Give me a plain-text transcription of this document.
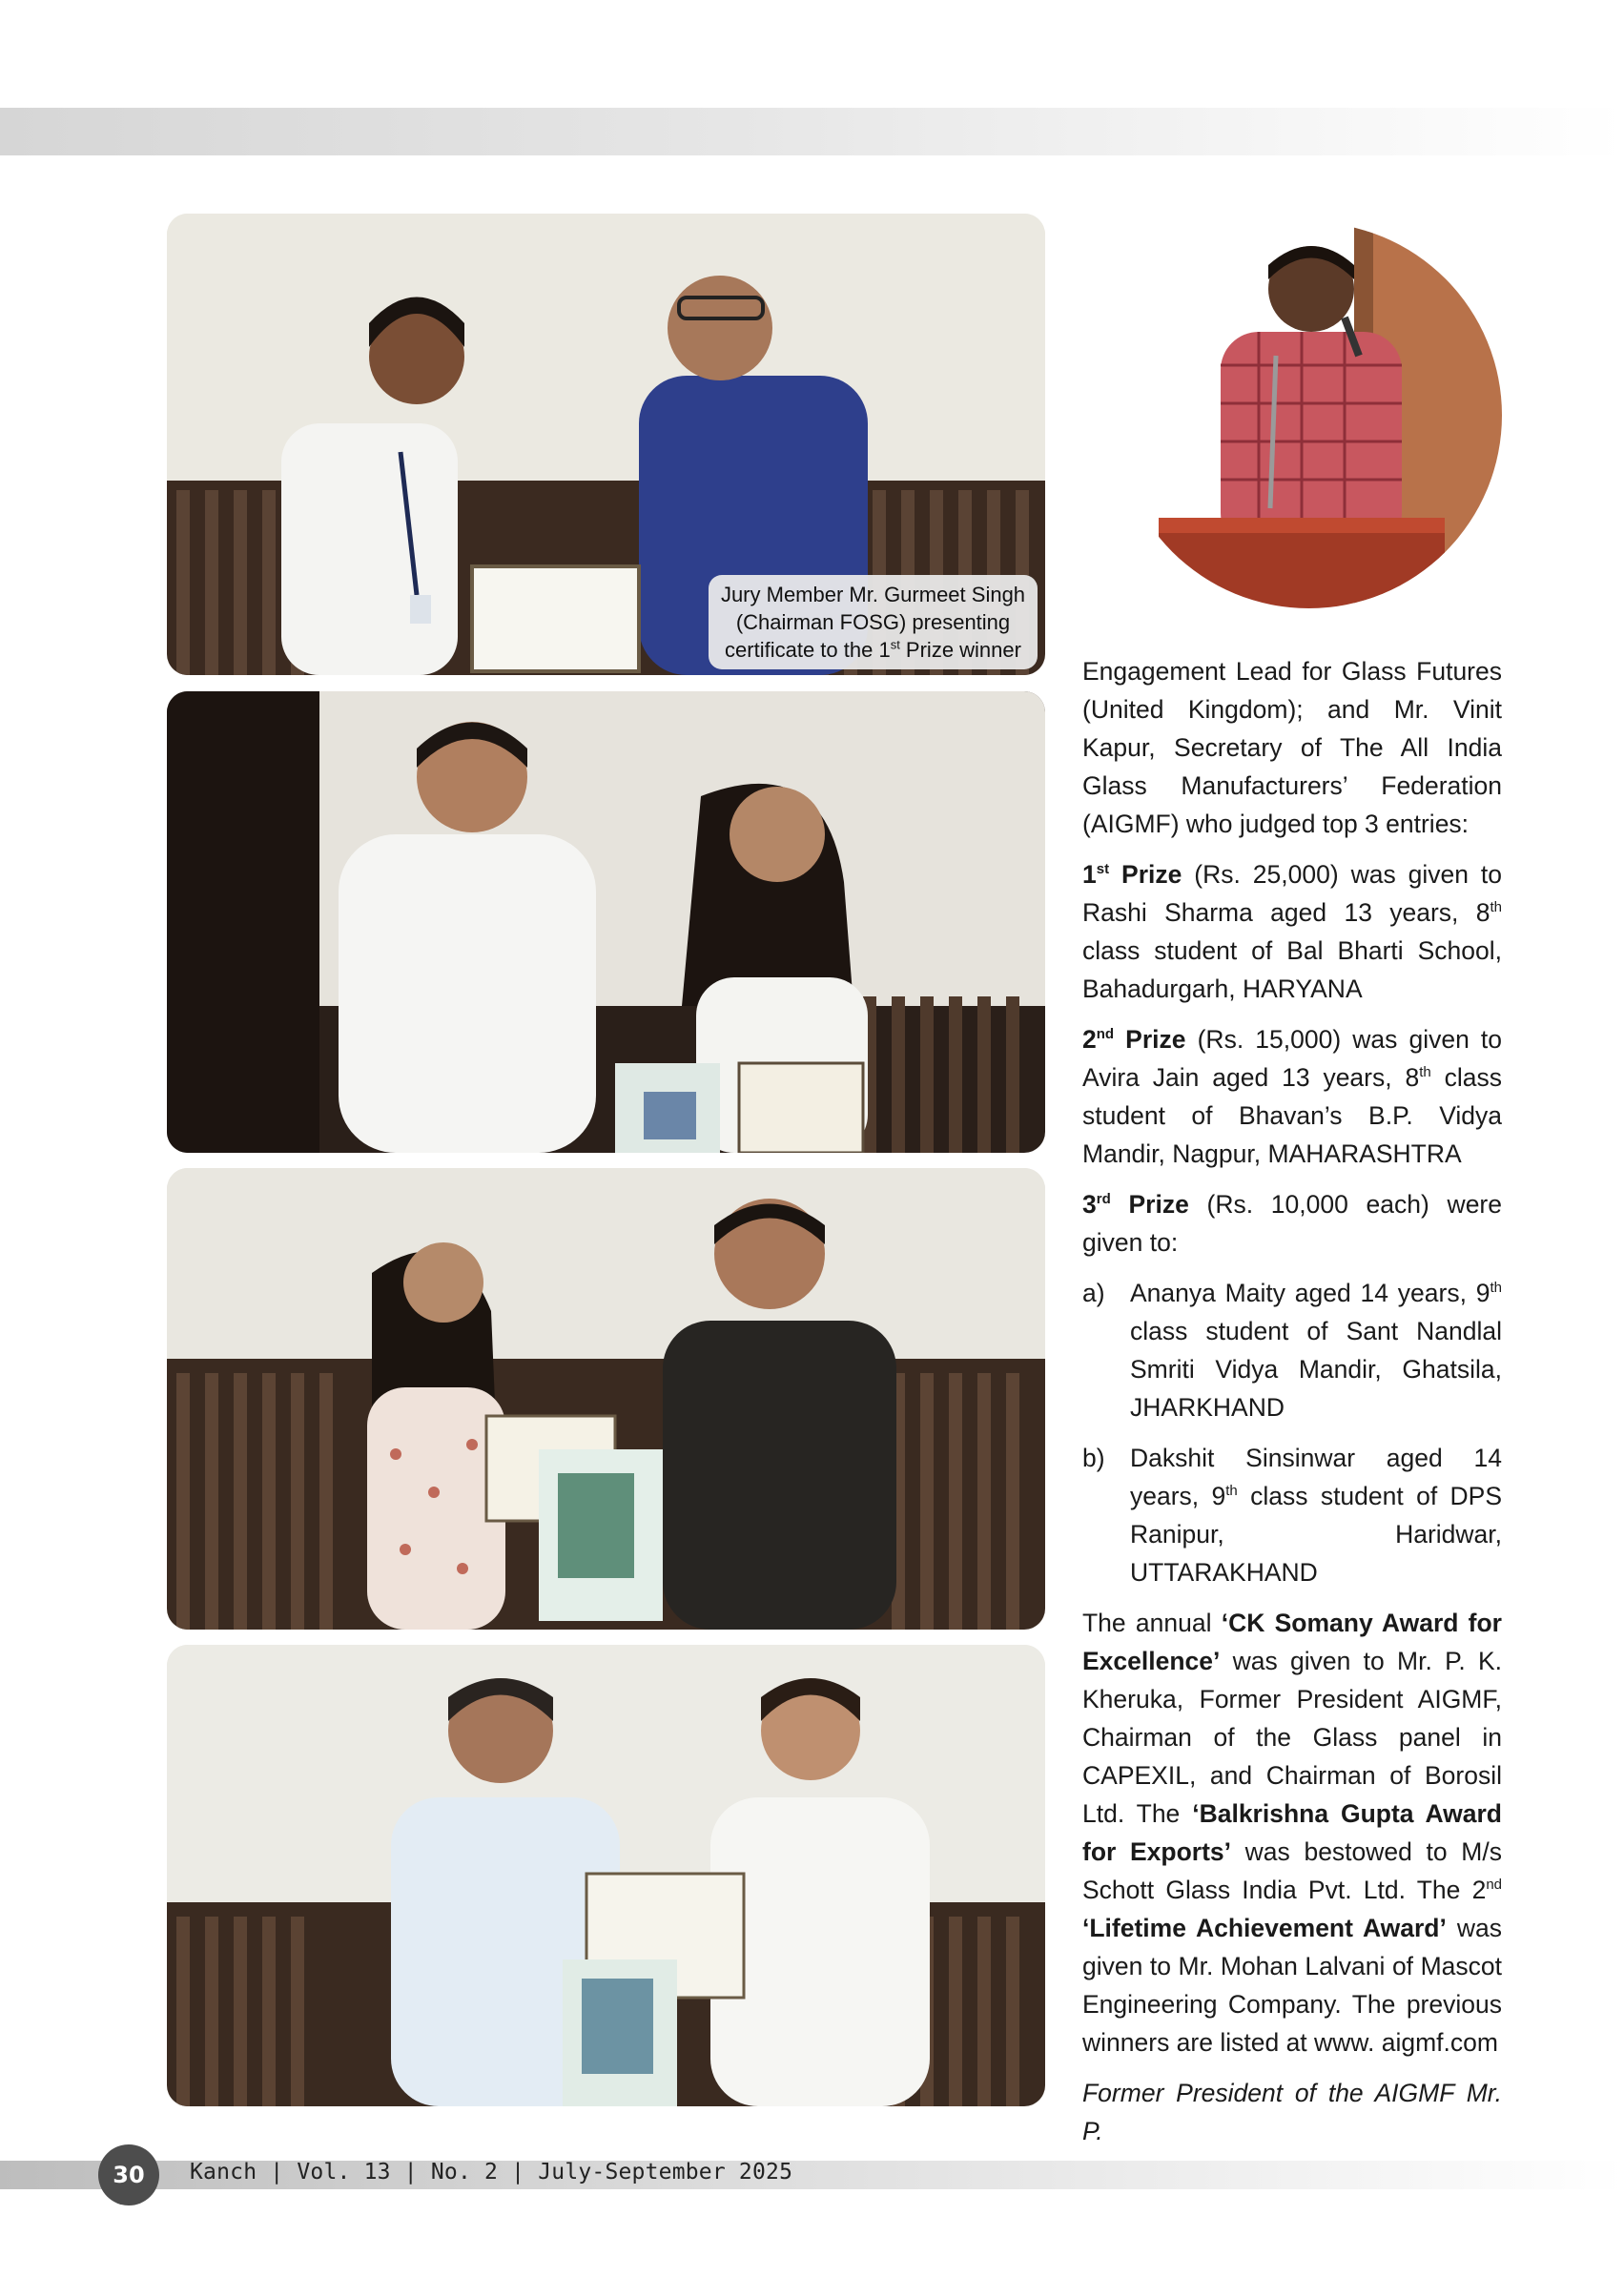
Jury Member Mr. Gurmeet Singh
(Chairman FOSG) presenting
certificate to the 1st Prize winner

Engagement Lead for Glass Futures (United Kingdom); and Mr. Vinit Kapur, Secretary of The All India Glass Manufacturers’ Federation (AIGMF) who judged top 3 entries:

1st Prize (Rs. 25,000) was given to Rashi Sharma aged 13 years, 8th class student of Bal Bharti School, Bahadurgarh, HARYANA

2nd Prize (Rs. 15,000) was given to Avira Jain aged 13 years, 8th class student of Bhavan’s B.P. Vidya Mandir, Nagpur, MAHARASHTRA

3rd Prize (Rs. 10,000 each) were given to:

a) Ananya Maity aged 14 years, 9th class student of Sant Nandlal Smriti Vidya Mandir, Ghatsila, JHARKHAND
b) Dakshit Sinsinwar aged 14 years, 9th class student of DPS Ranipur, Haridwar, UTTARAKHAND

The annual ‘CK Somany Award for Excellence’ was given to Mr. P. K. Kheruka, Former President AIGMF, Chairman of the Glass panel in CAPEXIL, and Chairman of Borosil Ltd. The ‘Balkrishna Gupta Award for Exports’ was bestowed to M/s Schott Glass India Pvt. Ltd. The 2nd ‘Lifetime Achievement Award’ was given to Mr. Mohan Lalvani of Mascot Engineering Company. The previous winners are listed at www. aigmf.com

Former President of the AIGMF Mr. P.

30	Kanch | Vol. 13 | No. 2 | July-September 2025
